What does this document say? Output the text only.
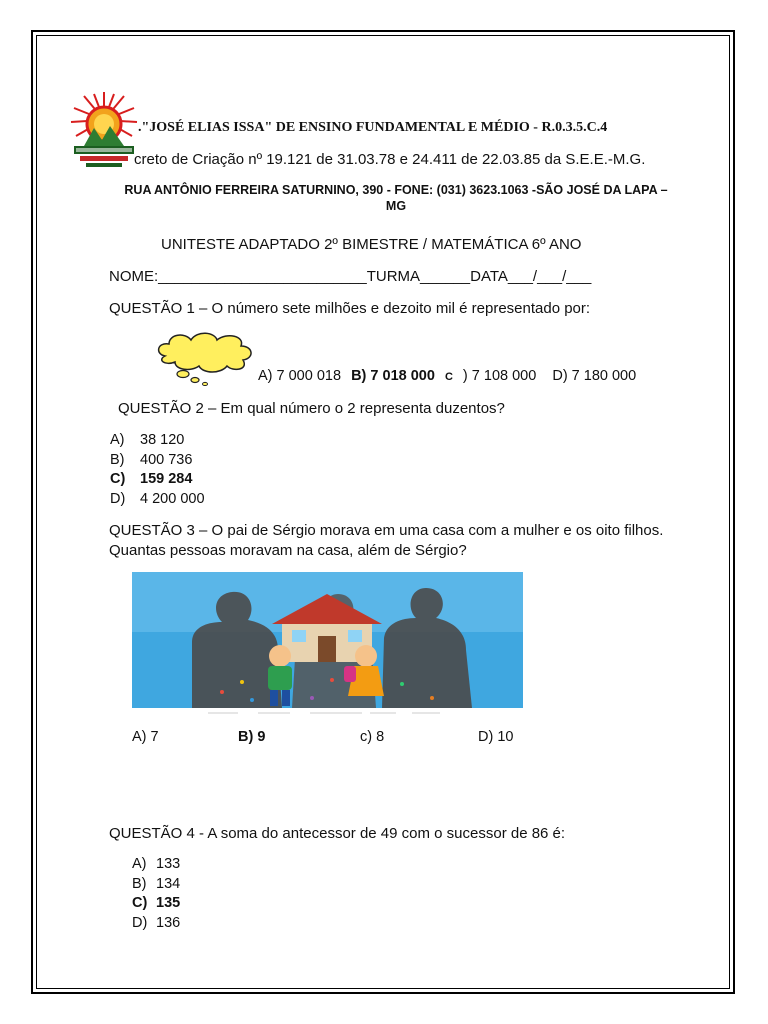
."JOSÉ ELIAS ISSA" DE ENSINO FUNDAMENTAL E MÉDIO - R.0.3.5.C.4
creto de Criação nº 19.121 de 31.03.78 e 24.411 de 22.03.85 da S.E.E.-M.G.
RUA ANTÔNIO FERREIRA SATURNINO, 390 - FONE: (031) 3623.1063 -SÃO JOSÉ DA LAPA – MG
UNITESTE ADAPTADO 2º BIMESTRE / MATEMÁTICA 6º ANO
NOME:_________________________TURMA______DATA___/___/___
QUESTÃO 1 – O número sete milhões e dezoito mil é representado por:
A) 7 000 018 B) 7 018 000 C ) 7 108 000 D) 7 180 000
QUESTÃO 2 – Em qual número o 2 representa duzentos?
A) 38 120
B) 400 736
C) 159 284
D) 4 200 000
QUESTÃO 3 – O pai de Sérgio morava em uma casa com a mulher e os oito filhos. Quantas pessoas moravam na casa, além de Sérgio?
A) 7	B) 9	c) 8	D) 10
QUESTÃO 4 - A soma do antecessor de 49 com o sucessor de 86 é:
A) 133
B) 134
C) 135
D) 136
